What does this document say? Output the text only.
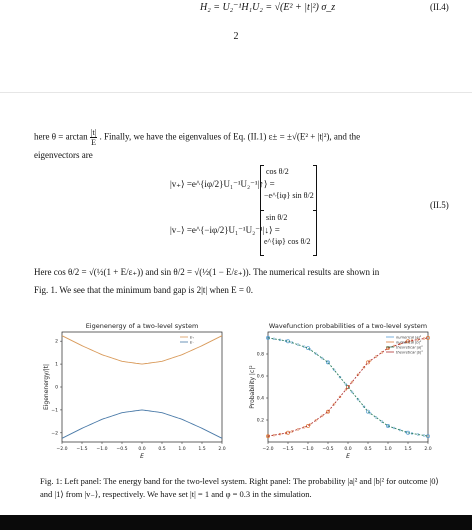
H₂ = U₂⁻¹H₁U₂ = √(E² + |t|²) σ_z	(II.4)
2
here $\theta = \arctan \frac{|t|}{E}$ . Finally, we have the eigenvalues of Eq. (II.1) ε± = ±√(E² + |t|²), and the
eigenvectors are
|v₊⟩ =e^{iφ/2}U₁⁻¹U₂⁻¹|↑⟩ =
cos θ/2
−e^{iφ} sin θ/2
|v₋⟩ =e^{−iφ/2}U₁⁻¹U₂⁻¹|↓⟩ =
sin θ/2
e^{iφ} cos θ/2
(II.5)
Here cos θ/2 = √(½(1 + E/ε₊)) and sin θ/2 = √(½(1 − E/ε₊)). The numerical results are shown in
Fig. 1. We see that the minimum band gap is 2|t| when E = 0.
Eigenenergy of a two-level system
−2.0 −1.5 −1.0 −0.5 0.0	0.5	1.0	1.5	2.0
E
2
1
0
−1
−2
Eigenenergy/|t|
E₊
E₋
Wavefunction probabilities of a two-level system
−2.0 −1.5 −1.0 −0.5 0.0	0.5	1.0	1.5	2.0
E
0.8
0.6
0.4
0.2
Probability |c|²
numerical |a|²
numerical |b|²
theoretical |a|²
theoretical |b|²
Fig. 1: Left panel: The energy band for the two-level system. Right panel: The probability |a|² and |b|² for outcome |0⟩ and |1⟩ from |v₋⟩, respectively. We have set |t| = 1 and φ = 0.3 in the simulation.
